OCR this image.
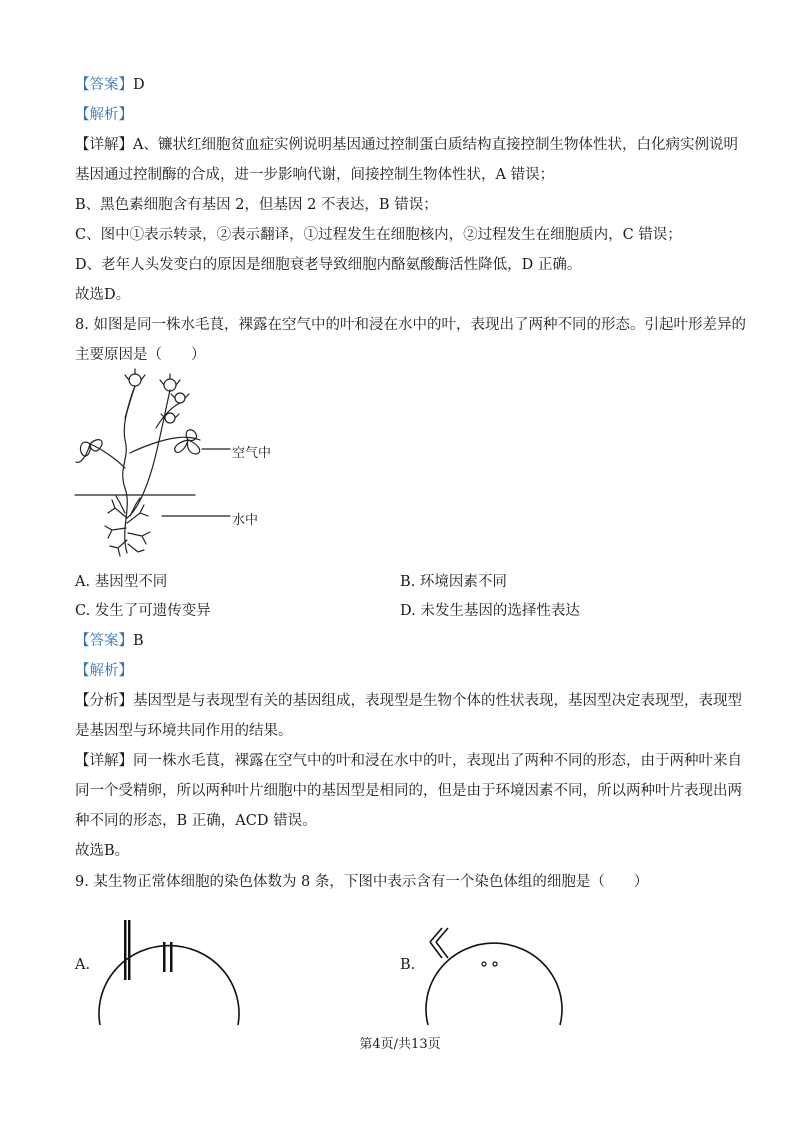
【答案】D
【解析】
【详解】A、镰状红细胞贫血症实例说明基因通过控制蛋白质结构直接控制生物体性状，白化病实例说明
基因通过控制酶的合成，进一步影响代谢，间接控制生物体性状，A 错误；
B、黑色素细胞含有基因 2，但基因 2 不表达，B 错误；
C、图中①表示转录，②表示翻译，①过程发生在细胞核内，②过程发生在细胞质内，C 错误；
D、老年人头发变白的原因是细胞衰老导致细胞内酪氨酸酶活性降低，D 正确。
故选D。
8. 如图是同一株水毛茛，裸露在空气中的叶和浸在水中的叶，表现出了两种不同的形态。引起叶形差异的
主要原因是（　　）
空气中
水中
A. 基因型不同	B. 环境因素不同
C. 发生了可遗传变异	D. 未发生基因的选择性表达
【答案】B
【解析】
【分析】基因型是与表现型有关的基因组成，表现型是生物个体的性状表现，基因型决定表现型，表现型
是基因型与环境共同作用的结果。
【详解】同一株水毛茛，裸露在空气中的叶和浸在水中的叶，表现出了两种不同的形态，由于两种叶来自
同一个受精卵，所以两种叶片细胞中的基因型是相同的，但是由于环境因素不同，所以两种叶片表现出两
种不同的形态，B 正确，ACD 错误。
故选B。
9. 某生物正常体细胞的染色体数为 8 条，下图中表示含有一个染色体组的细胞是（　　）
A.	B.
第4页/共13页
